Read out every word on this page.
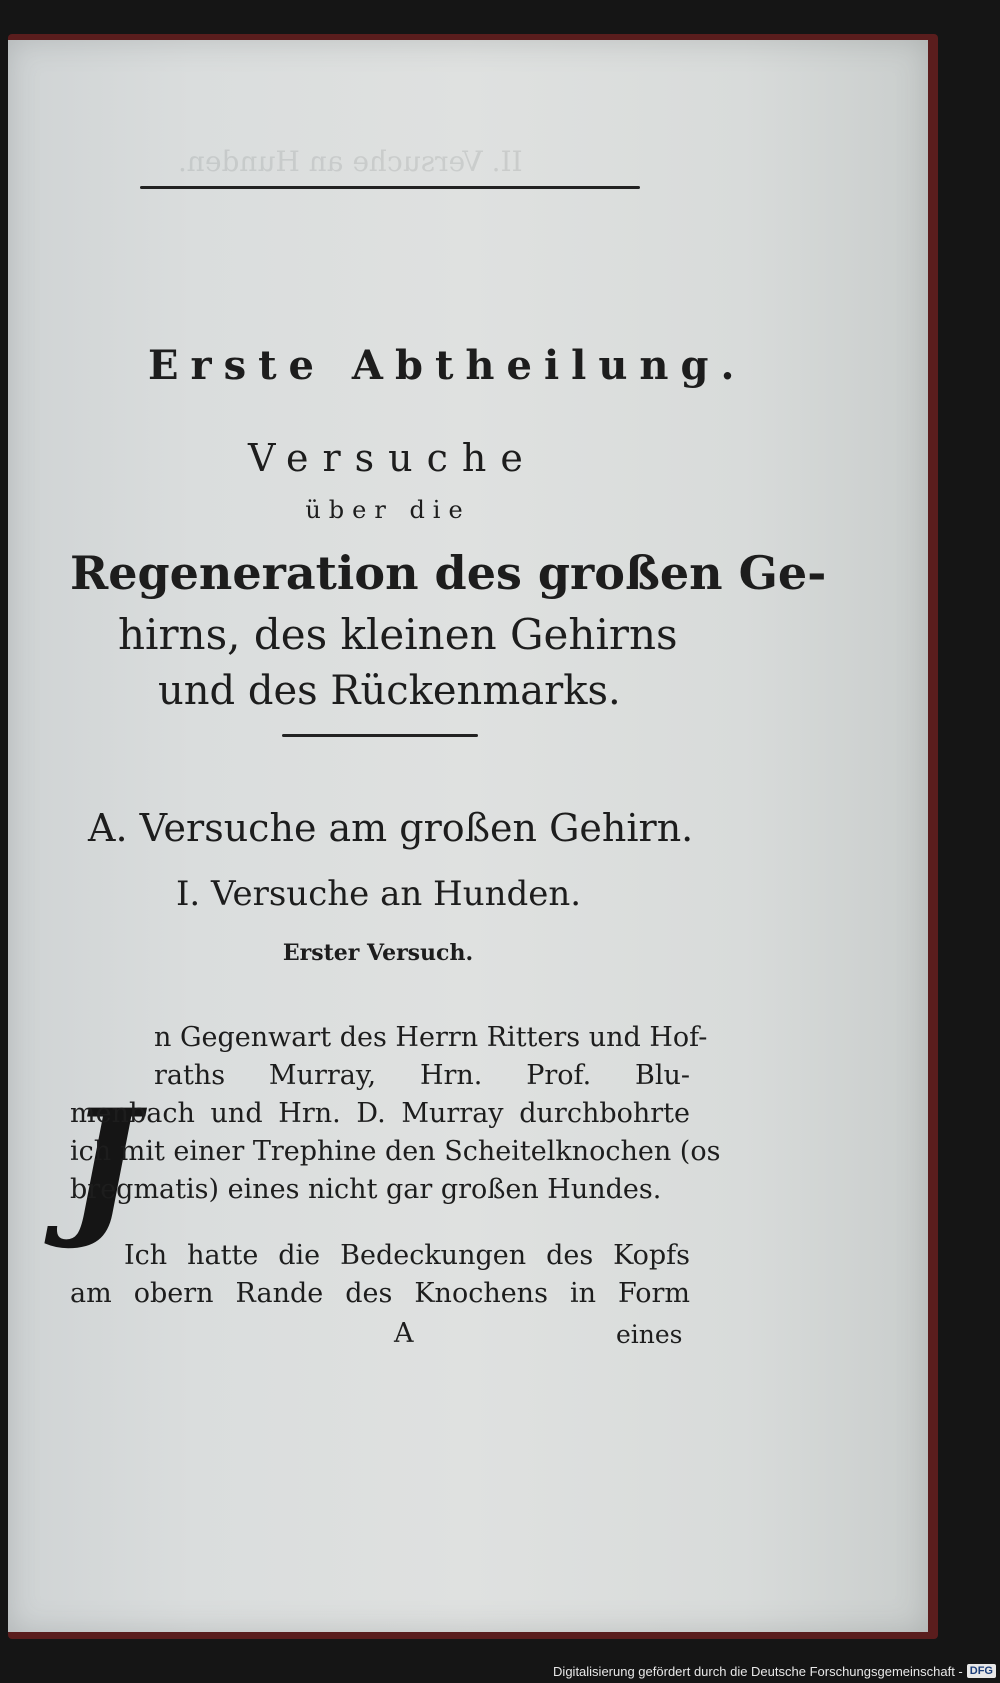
II. Versuche an Hunden.
Erste Abtheilung.
Versuche
über die
Regeneration des großen Ge-
hirns, des kleinen Gehirns
und des Rückenmarks.
A. Versuche am großen Gehirn.
I. Versuche an Hunden.
Erster Versuch.
J
n Gegenwart des Herrn Ritters und Hof-
raths Murray, Hrn. Prof. Blu-
menbach und Hrn. D. Murray durchbohrte
ich mit einer Trephine den Scheitelknochen (os
bregmatis) eines nicht gar großen Hundes.
Ich hatte die Bedeckungen des Kopfs
am obern Rande des Knochens in Form
A	eines
Digitalisierung gefördert durch die Deutsche Forschungsgemeinschaft - DFG
